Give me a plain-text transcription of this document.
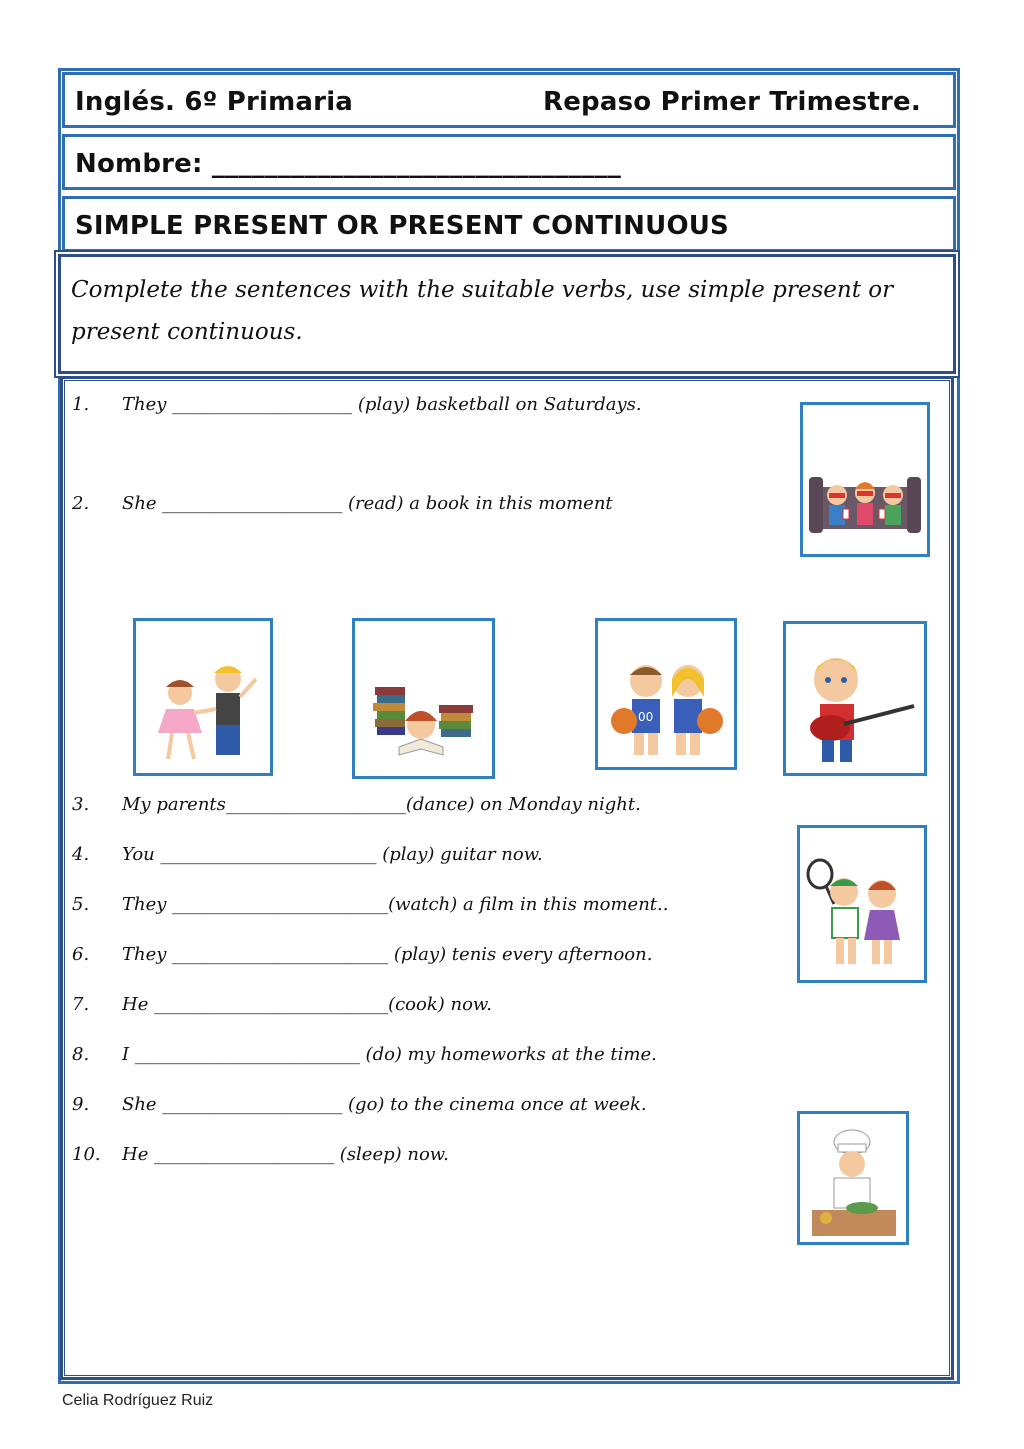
Inglés. 6º Primaria	Repaso Primer Trimestre.
Nombre: _______________________________
SIMPLE PRESENT OR PRESENT CONTINUOUS
Complete the sentences with the suitable verbs, use simple present or present continuous.
1. They ____________________ (play) basketball on Saturdays.
2. She ____________________ (read) a book in this moment
3. My parents____________________(dance) on Monday night.
4. You ________________________ (play) guitar now.
5. They ________________________(watch) a film in this moment..
6. They ________________________ (play) tenis every afternoon.
7. He __________________________(cook) now.
8. I _________________________ (do) my homeworks at the time.
9. She ____________________ (go) to the cinema once at week.
10. He ____________________ (sleep) now.
00
Celia Rodríguez Ruiz
